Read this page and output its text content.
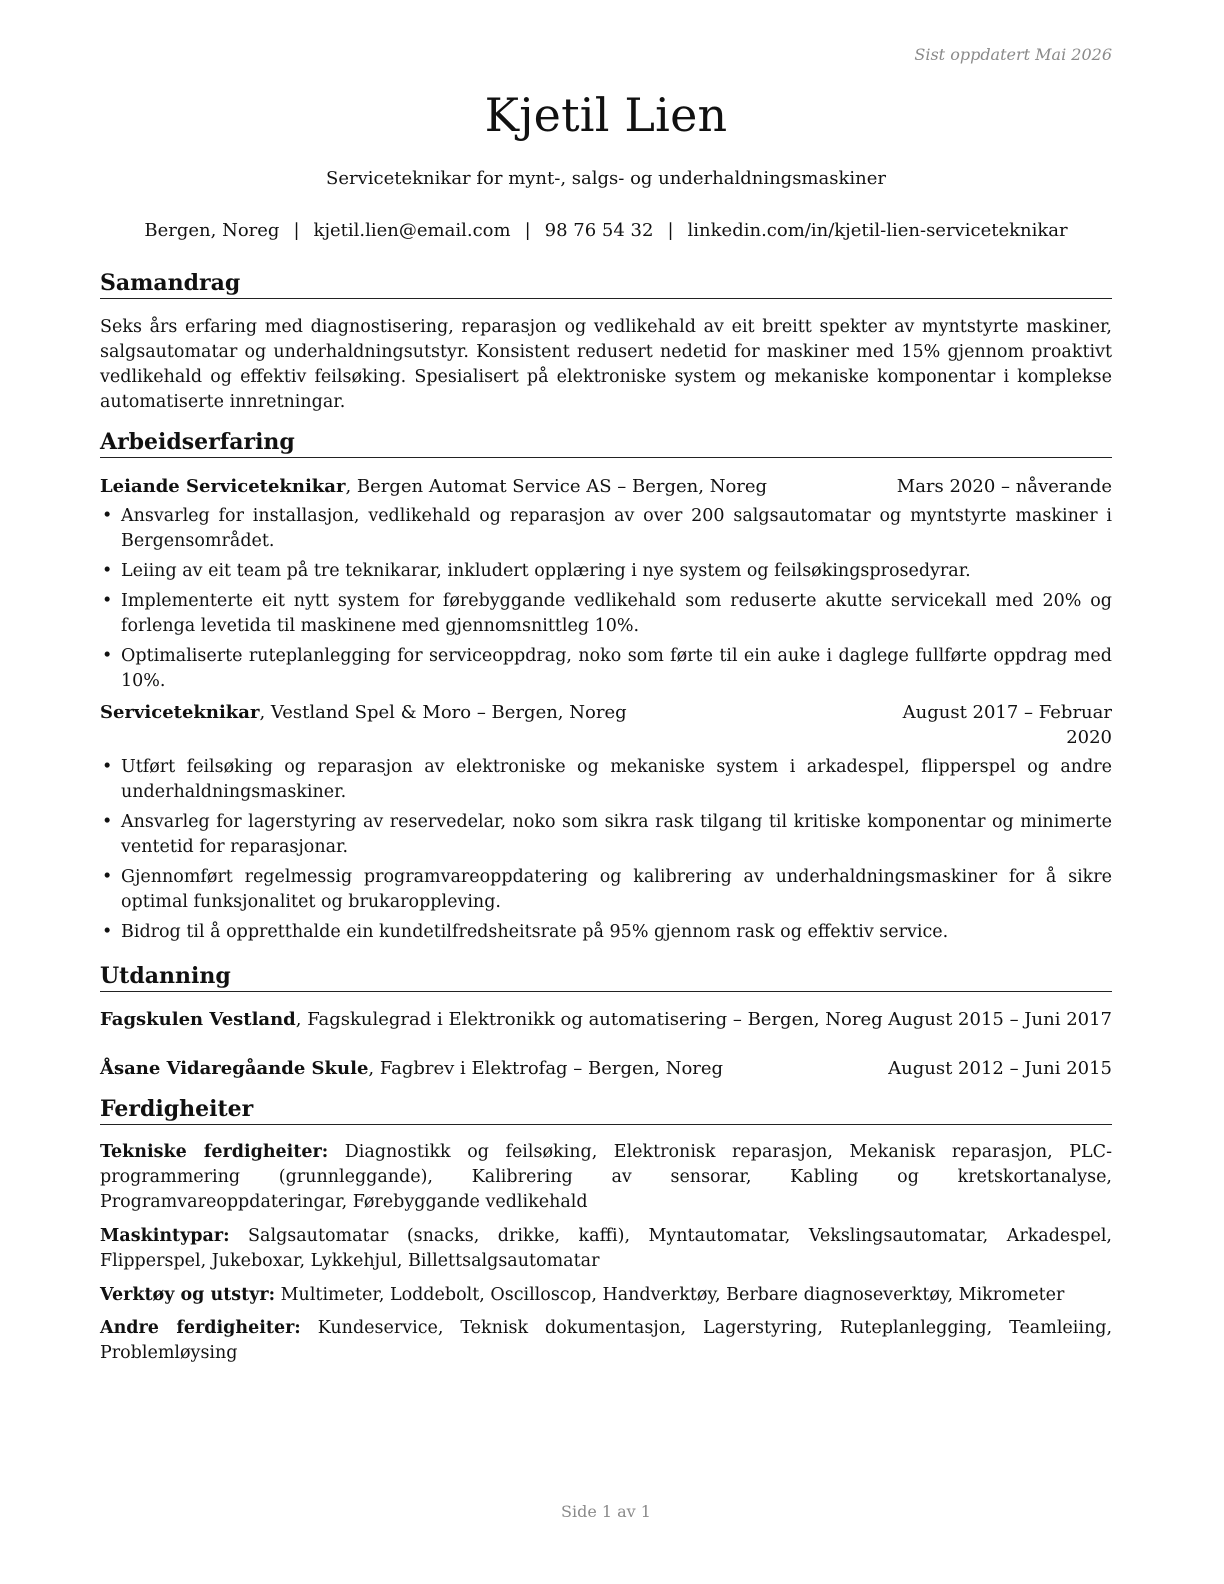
Sist oppdatert Mai 2026
Kjetil Lien
Serviceteknikar for mynt-, salgs- og underhaldningsmaskiner
Bergen, Noreg | kjetil.lien@email.com | 98 76 54 32 | linkedin.com/in/kjetil-lien-serviceteknikar
Samandrag
Seks års erfaring med diagnostisering, reparasjon og vedlikehald av eit breitt spekter av myntstyrte maskiner, salgsautomatar og underhaldningsutstyr. Konsistent redusert nedetid for maskiner med 15% gjennom proaktivt vedlikehald og effektiv feilsøking. Spesialisert på elektroniske system og mekaniske komponentar i komplekse automatiserte innretningar.
Arbeidserfaring
Leiande Serviceteknikar, Bergen Automat Service AS – Bergen, Noreg	Mars 2020 – nåverande
• Ansvarleg for installasjon, vedlikehald og reparasjon av over 200 salgsautomatar og myntstyrte maskiner i Bergensområdet.
• Leiing av eit team på tre teknikarar, inkludert opplæring i nye system og feilsøkingsprosedyrar.
• Implementerte eit nytt system for førebyggande vedlikehald som reduserte akutte servicekall med 20% og forlenga levetida til maskinene med gjennomsnittleg 10%.
• Optimaliserte ruteplanlegging for serviceoppdrag, noko som førte til ein auke i daglege fullførte oppdrag med 10%.
Serviceteknikar, Vestland Spel & Moro – Bergen, Noreg	August 2017 – Februar 2020
• Utført feilsøking og reparasjon av elektroniske og mekaniske system i arkadespel, flipperspel og andre underhaldningsmaskiner.
• Ansvarleg for lagerstyring av reservedelar, noko som sikra rask tilgang til kritiske komponentar og minimerte ventetid for reparasjonar.
• Gjennomført regelmessig programvareoppdatering og kalibrering av underhaldningsmaskiner for å sikre optimal funksjonalitet og brukaroppleving.
• Bidrog til å oppretthalde ein kundetilfredsheitsrate på 95% gjennom rask og effektiv service.
Utdanning
Fagskulen Vestland, Fagskulegrad i Elektronikk og automatisering – Bergen, Noreg August 2015 – Juni 2017
Åsane Vidaregåande Skule, Fagbrev i Elektrofag – Bergen, Noreg	August 2012 – Juni 2015
Ferdigheiter
Tekniske ferdigheiter: Diagnostikk og feilsøking, Elektronisk reparasjon, Mekanisk reparasjon, PLC-programmering (grunnleggande), Kalibrering av sensorar, Kabling og kretskortanalyse, Programvareoppdateringar, Førebyggande vedlikehald
Maskintypar: Salgsautomatar (snacks, drikke, kaffi), Myntautomatar, Vekslingsautomatar, Arkadespel, Flipperspel, Jukeboxar, Lykkehjul, Billettsalgsautomatar
Verktøy og utstyr: Multimeter, Loddebolt, Oscilloscop, Handverktøy, Berbare diagnoseverktøy, Mikrometer
Andre ferdigheiter: Kundeservice, Teknisk dokumentasjon, Lagerstyring, Ruteplanlegging, Teamleiing, Problemløysing
Side 1 av 1
